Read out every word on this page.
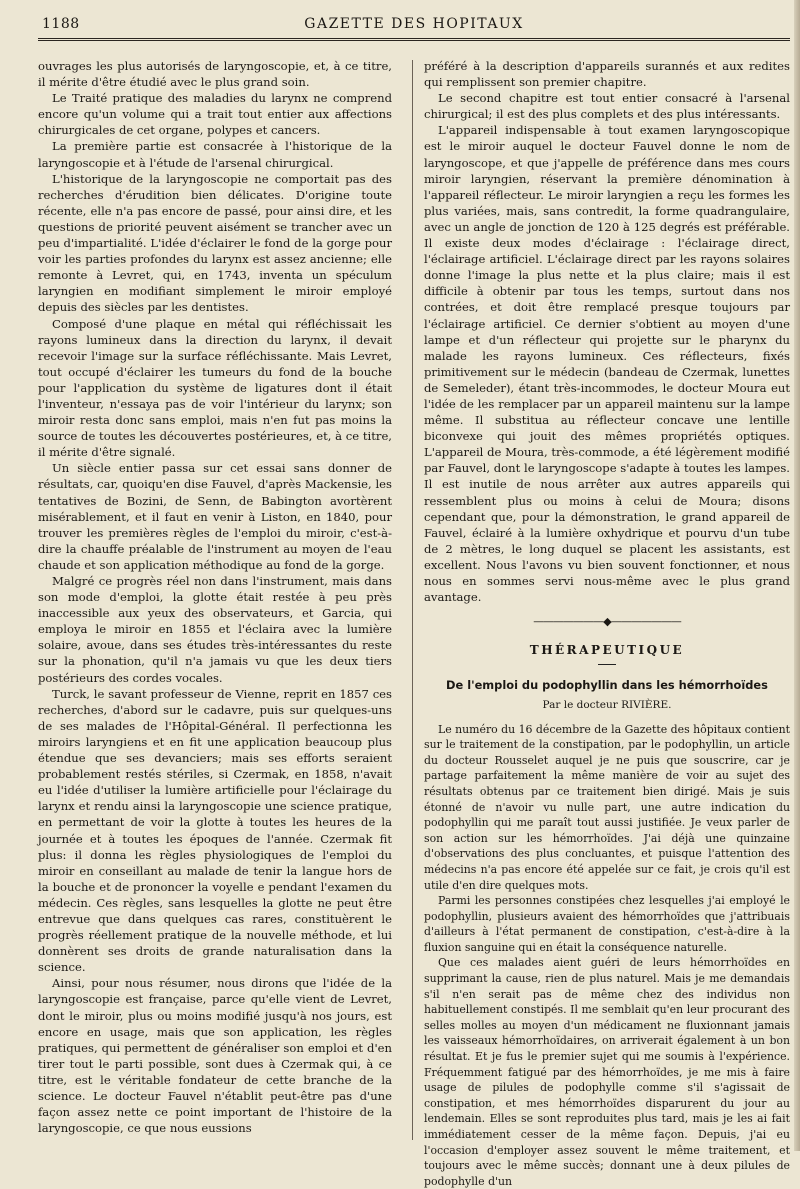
1188	GAZETTE DES HOPITAUX

ouvrages les plus autorisés de laryngoscopie, et, à ce titre, il mérite d'être étudié avec le plus grand soin.

Le Traité pratique des maladies du larynx ne comprend encore qu'un volume qui a trait tout entier aux affections chirurgicales de cet organe, polypes et cancers.

La première partie est consacrée à l'historique de la laryngoscopie et à l'étude de l'arsenal chirurgical.

L'historique de la laryngoscopie ne comportait pas des recherches d'érudition bien délicates. D'origine toute récente, elle n'a pas encore de passé, pour ainsi dire, et les questions de priorité peuvent aisément se trancher avec un peu d'impartialité. L'idée d'éclairer le fond de la gorge pour voir les parties profondes du larynx est assez ancienne; elle remonte à Levret, qui, en 1743, inventa un spéculum laryngien en modifiant simplement le miroir employé depuis des siècles par les dentistes.

Composé d'une plaque en métal qui réfléchissait les rayons lumineux dans la direction du larynx, il devait recevoir l'image sur la surface réfléchissante. Mais Levret, tout occupé d'éclairer les tumeurs du fond de la bouche pour l'application du système de ligatures dont il était l'inventeur, n'essaya pas de voir l'intérieur du larynx; son miroir resta donc sans emploi, mais n'en fut pas moins la source de toutes les découvertes postérieures, et, à ce titre, il mérite d'être signalé.

Un siècle entier passa sur cet essai sans donner de résultats, car, quoiqu'en dise Fauvel, d'après Mackensie, les tentatives de Bozini, de Senn, de Babington avortèrent misérablement, et il faut en venir à Liston, en 1840, pour trouver les premières règles de l'emploi du miroir, c'est-à-dire la chauffe préalable de l'instrument au moyen de l'eau chaude et son application méthodique au fond de la gorge.

Malgré ce progrès réel non dans l'instrument, mais dans son mode d'emploi, la glotte était restée à peu près inaccessible aux yeux des observateurs, et Garcia, qui employa le miroir en 1855 et l'éclaira avec la lumière solaire, avoue, dans ses études très-intéressantes du reste sur la phonation, qu'il n'a jamais vu que les deux tiers postérieurs des cordes vocales.

Turck, le savant professeur de Vienne, reprit en 1857 ces recherches, d'abord sur le cadavre, puis sur quelques-uns de ses malades de l'Hôpital-Général. Il perfectionna les miroirs laryngiens et en fit une application beaucoup plus étendue que ses devanciers; mais ses efforts seraient probablement restés stériles, si Czermak, en 1858, n'avait eu l'idée d'utiliser la lumière artificielle pour l'éclairage du larynx et rendu ainsi la laryngoscopie une science pratique, en permettant de voir la glotte à toutes les heures de la journée et à toutes les époques de l'année. Czermak fit plus: il donna les règles physiologiques de l'emploi du miroir en conseillant au malade de tenir la langue hors de la bouche et de prononcer la voyelle e pendant l'examen du médecin. Ces règles, sans lesquelles la glotte ne peut être entrevue que dans quelques cas rares, constituèrent le progrès réellement pratique de la nouvelle méthode, et lui donnèrent ses droits de grande naturalisation dans la science.

Ainsi, pour nous résumer, nous dirons que l'idée de la laryngoscopie est française, parce qu'elle vient de Levret, dont le miroir, plus ou moins modifié jusqu'à nos jours, est encore en usage, mais que son application, les règles pratiques, qui permettent de généraliser son emploi et d'en tirer tout le parti possible, sont dues à Czermak qui, à ce titre, est le véritable fondateur de cette branche de la science. Le docteur Fauvel n'établit peut-être pas d'une façon assez nette ce point important de l'histoire de la laryngoscopie, ce que nous eussions

préféré à la description d'appareils surannés et aux redites qui remplissent son premier chapitre.

Le second chapitre est tout entier consacré à l'arsenal chirurgical; il est des plus complets et des plus intéressants.

L'appareil indispensable à tout examen laryngoscopique est le miroir auquel le docteur Fauvel donne le nom de laryngoscope, et que j'appelle de préférence dans mes cours miroir laryngien, réservant la première dénomination à l'appareil réflecteur. Le miroir laryngien a reçu les formes les plus variées, mais, sans contredit, la forme quadrangulaire, avec un angle de jonction de 120 à 125 degrés est préférable. Il existe deux modes d'éclairage : l'éclairage direct, l'éclairage artificiel. L'éclairage direct par les rayons solaires donne l'image la plus nette et la plus claire; mais il est difficile à obtenir par tous les temps, surtout dans nos contrées, et doit être remplacé presque toujours par l'éclairage artificiel. Ce dernier s'obtient au moyen d'une lampe et d'un réflecteur qui projette sur le pharynx du malade les rayons lumineux. Ces réflecteurs, fixés primitivement sur le médecin (bandeau de Czermak, lunettes de Semeleder), étant très-incommodes, le docteur Moura eut l'idée de les remplacer par un appareil maintenu sur la lampe même. Il substitua au réflecteur concave une lentille biconvexe qui jouit des mêmes propriétés optiques. L'appareil de Moura, très-commode, a été légèrement modifié par Fauvel, dont le laryngoscope s'adapte à toutes les lampes. Il est inutile de nous arrêter aux autres appareils qui ressemblent plus ou moins à celui de Moura; disons cependant que, pour la démonstration, le grand appareil de Fauvel, éclairé à la lumière oxhydrique et pourvu d'un tube de 2 mètres, le long duquel se placent les assistants, est excellent. Nous l'avons vu bien souvent fonctionner, et nous nous en sommes servi nous-même avec le plus grand avantage.

———————◆———————
THÉRAPEUTIQUE
De l'emploi du podophyllin dans les hémorrhoïdes
Par le docteur RIVIÈRE.

Le numéro du 16 décembre de la Gazette des hôpitaux contient sur le traitement de la constipation, par le podophyllin, un article du docteur Rousselet auquel je ne puis que souscrire, car je partage parfaitement la même manière de voir au sujet des résultats obtenus par ce traitement bien dirigé. Mais je suis étonné de n'avoir vu nulle part, une autre indication du podophyllin qui me paraît tout aussi justifiée. Je veux parler de son action sur les hémorrhoïdes. J'ai déjà une quinzaine d'observations des plus concluantes, et puisque l'attention des médecins n'a pas encore été appelée sur ce fait, je crois qu'il est utile d'en dire quelques mots.

Parmi les personnes constipées chez lesquelles j'ai employé le podophyllin, plusieurs avaient des hémorrhoïdes que j'attribuais d'ailleurs à l'état permanent de constipation, c'est-à-dire à la fluxion sanguine qui en était la conséquence naturelle.

Que ces malades aient guéri de leurs hémorrhoïdes en supprimant la cause, rien de plus naturel. Mais je me demandais s'il n'en serait pas de même chez des individus non habituellement constipés. Il me semblait qu'en leur procurant des selles molles au moyen d'un médicament ne fluxionnant jamais les vaisseaux hémorrhoïdaires, on arriverait également à un bon résultat. Et je fus le premier sujet qui me soumis à l'expérience. Fréquemment fatigué par des hémorrhoïdes, je me mis à faire usage de pilules de podophylle comme s'il s'agissait de constipation, et mes hémorrhoïdes disparurent du jour au lendemain. Elles se sont reproduites plus tard, mais je les ai fait immédiatement cesser de la même façon. Depuis, j'ai eu l'occasion d'employer assez souvent le même traitement, et toujours avec le même succès; donnant une à deux pilules de podophylle d'un
